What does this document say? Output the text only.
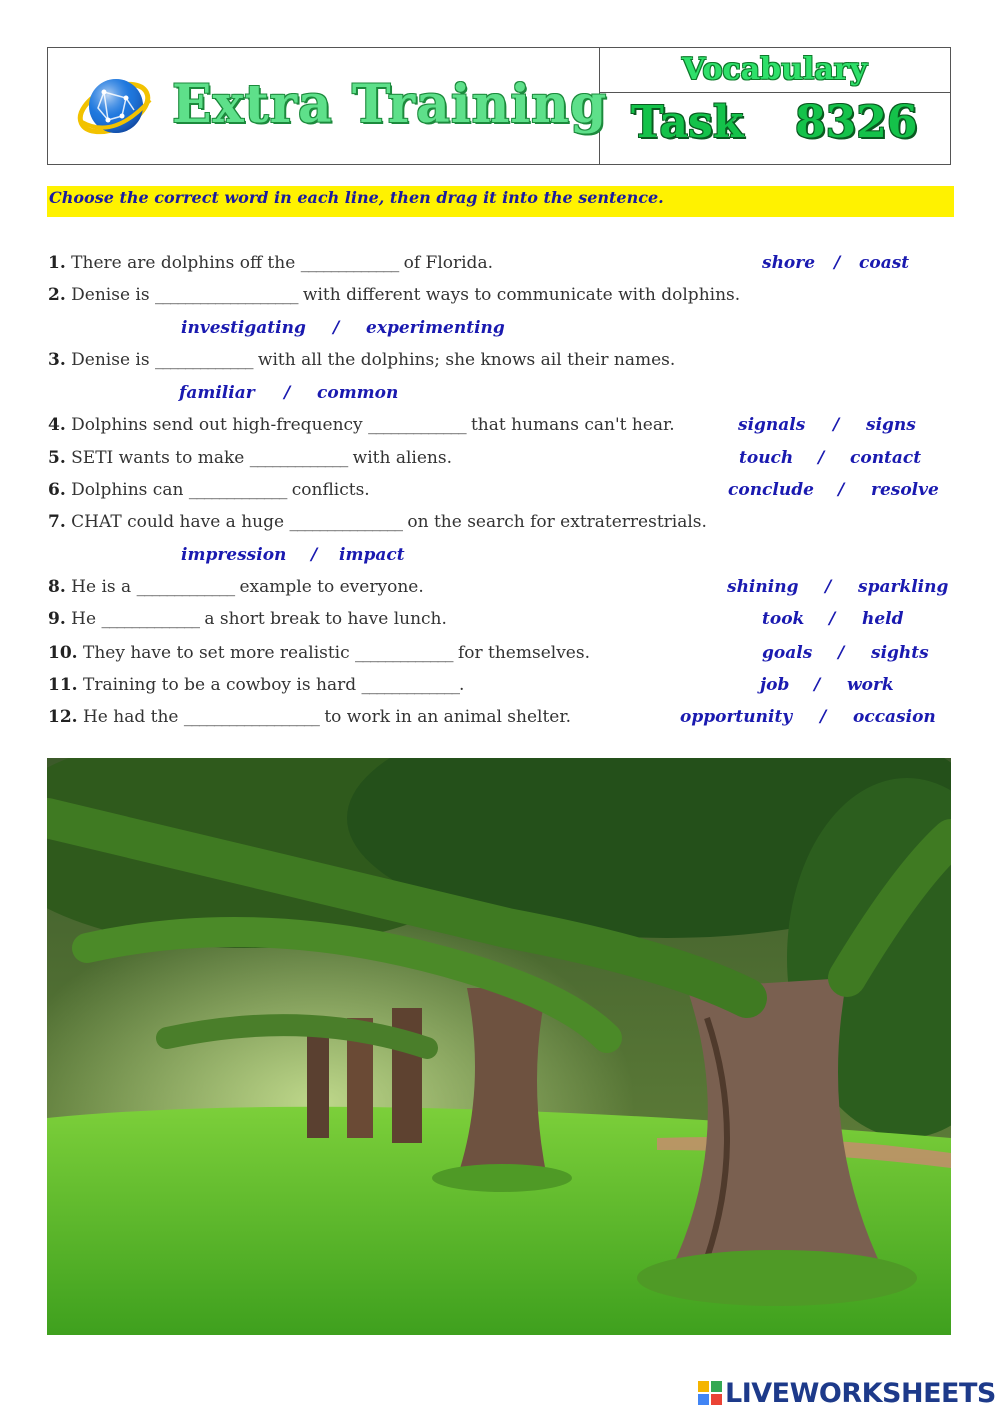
Extra Training
Vocabulary
Task 8326
Choose the correct word in each line, then drag it into the sentence.
1. There are dolphins off the _____________ of Florida.	shore / coast
2. Denise is ___________________ with different ways to communicate with dolphins.
investigating / experimenting
3. Denise is _____________ with all the dolphins; she knows ail their names.
familiar / common
4. Dolphins send out high-frequency _____________ that humans can't hear.	signals / signs
5. SETI wants to make _____________ with aliens.	touch / contact
6. Dolphins can _____________ conflicts.	conclude / resolve
7. CHAT could have a huge _______________ on the search for extraterrestrials.
impression / impact
8. He is a _____________ example to everyone.	shining / sparkling
9. He _____________ a short break to have lunch.	took / held
10. They have to set more realistic _____________ for themselves.	goals / sights
11. Training to be a cowboy is hard _____________.	job / work
12. He had the __________________ to work in an animal shelter.	opportunity / occasion
LIVEWORKSHEETS
